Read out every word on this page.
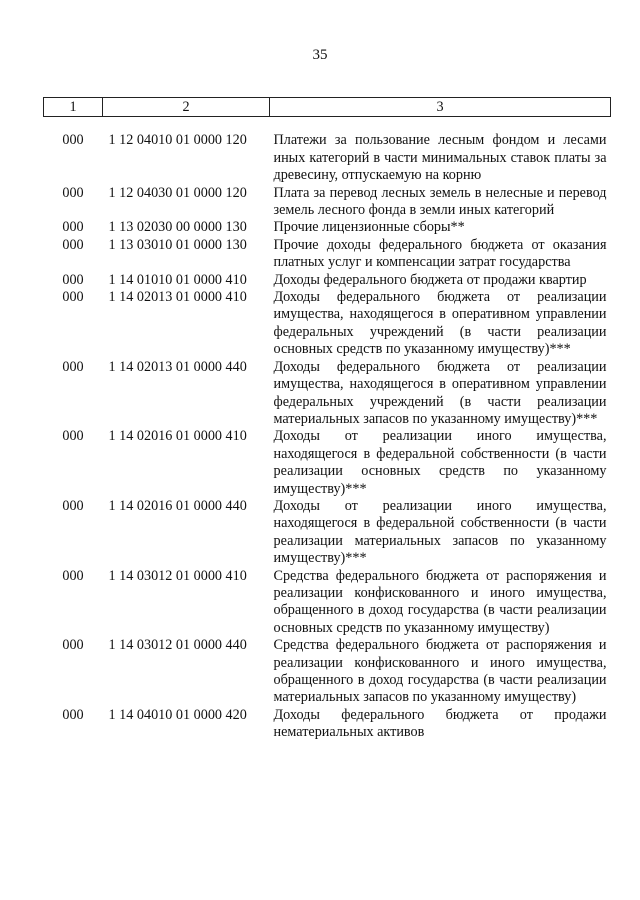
35
1	2	3

000	1 12 04010 01 0000 120	Платежи за пользование лесным фондом и лесами иных категорий в части минимальных ставок платы за древесину, отпускаемую на корню
000	1 12 04030 01 0000 120	Плата за перевод лесных земель в нелесные и перевод земель лесного фонда в земли иных категорий
000	1 13 02030 00 0000 130	Прочие лицензионные сборы**
000	1 13 03010 01 0000 130	Прочие доходы федерального бюджета от оказания платных услуг и компенсации затрат государства
000	1 14 01010 01 0000 410	Доходы федерального бюджета от продажи квартир
000	1 14 02013 01 0000 410	Доходы федерального бюджета от реализации имущества, находящегося в оперативном управлении федеральных учреждений (в части реализации основных средств по указанному имуществу)***
000	1 14 02013 01 0000 440	Доходы федерального бюджета от реализации имущества, находящегося в оперативном управлении федеральных учреждений (в части реализации материальных запасов по указанному имуществу)***
000	1 14 02016 01 0000 410	Доходы от реализации иного имущества, находящегося в федеральной собственности (в части реализации основных средств по указанному имуществу)***
000	1 14 02016 01 0000 440	Доходы от реализации иного имущества, находящегося в федеральной собственности (в части реализации материальных запасов по указанному имуществу)***
000	1 14 03012 01 0000 410	Средства федерального бюджета от распоряжения и реализации конфискованного и иного имущества, обращенного в доход государства (в части реализации основных средств по указанному имуществу)
000	1 14 03012 01 0000 440	Средства федерального бюджета от распоряжения и реализации конфискованного и иного имущества, обращенного в доход государства (в части реализации материальных запасов по указанному имуществу)
000	1 14 04010 01 0000 420	Доходы федерального бюджета от продажи нематериальных активов
